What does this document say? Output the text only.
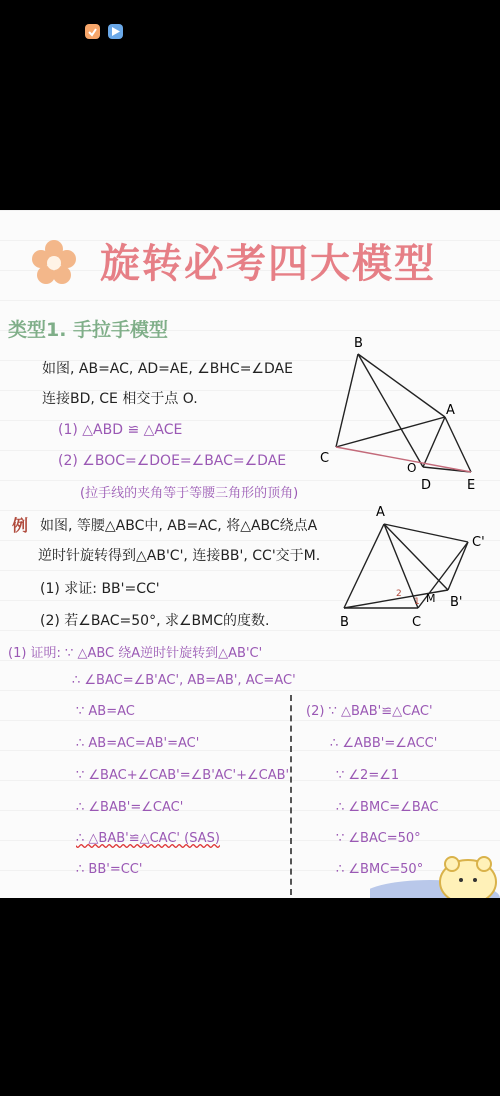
旋转必考四大模型
类型1. 手拉手模型
如图, AB=AC, AD=AE, ∠BHC=∠DAE
连接BD, CE 相交于点 O.
(1) △ABD ≌ △ACE
(2) ∠BOC=∠DOE=∠BAC=∠DAE
(拉手线的夹角等于等腰三角形的顶角)
B
A
C
O
D	E
例 如图, 等腰△ABC中, AB=AC, 将△ABC绕点A
逆时针旋转得到△AB'C', 连接BB', CC'交于M.
(1) 求证: BB'=CC'
(2) 若∠BAC=50°, 求∠BMC的度数.
A
C'
B'
M
B	C
1
2
(1) 证明: ∵ △ABC 绕A逆时针旋转到△AB'C'
∴ ∠BAC=∠B'AC', AB=AB', AC=AC'
∵ AB=AC
∴ AB=AC=AB'=AC'
∵ ∠BAC+∠CAB'=∠B'AC'+∠CAB'
∴ ∠BAB'=∠CAC'
∴ △BAB'≌△CAC' (SAS)
∴ BB'=CC'
(2) ∵ △BAB'≌△CAC'
∴ ∠ABB'=∠ACC'
∵ ∠2=∠1
∴ ∠BMC=∠BAC
∵ ∠BAC=50°
∴ ∠BMC=50°
